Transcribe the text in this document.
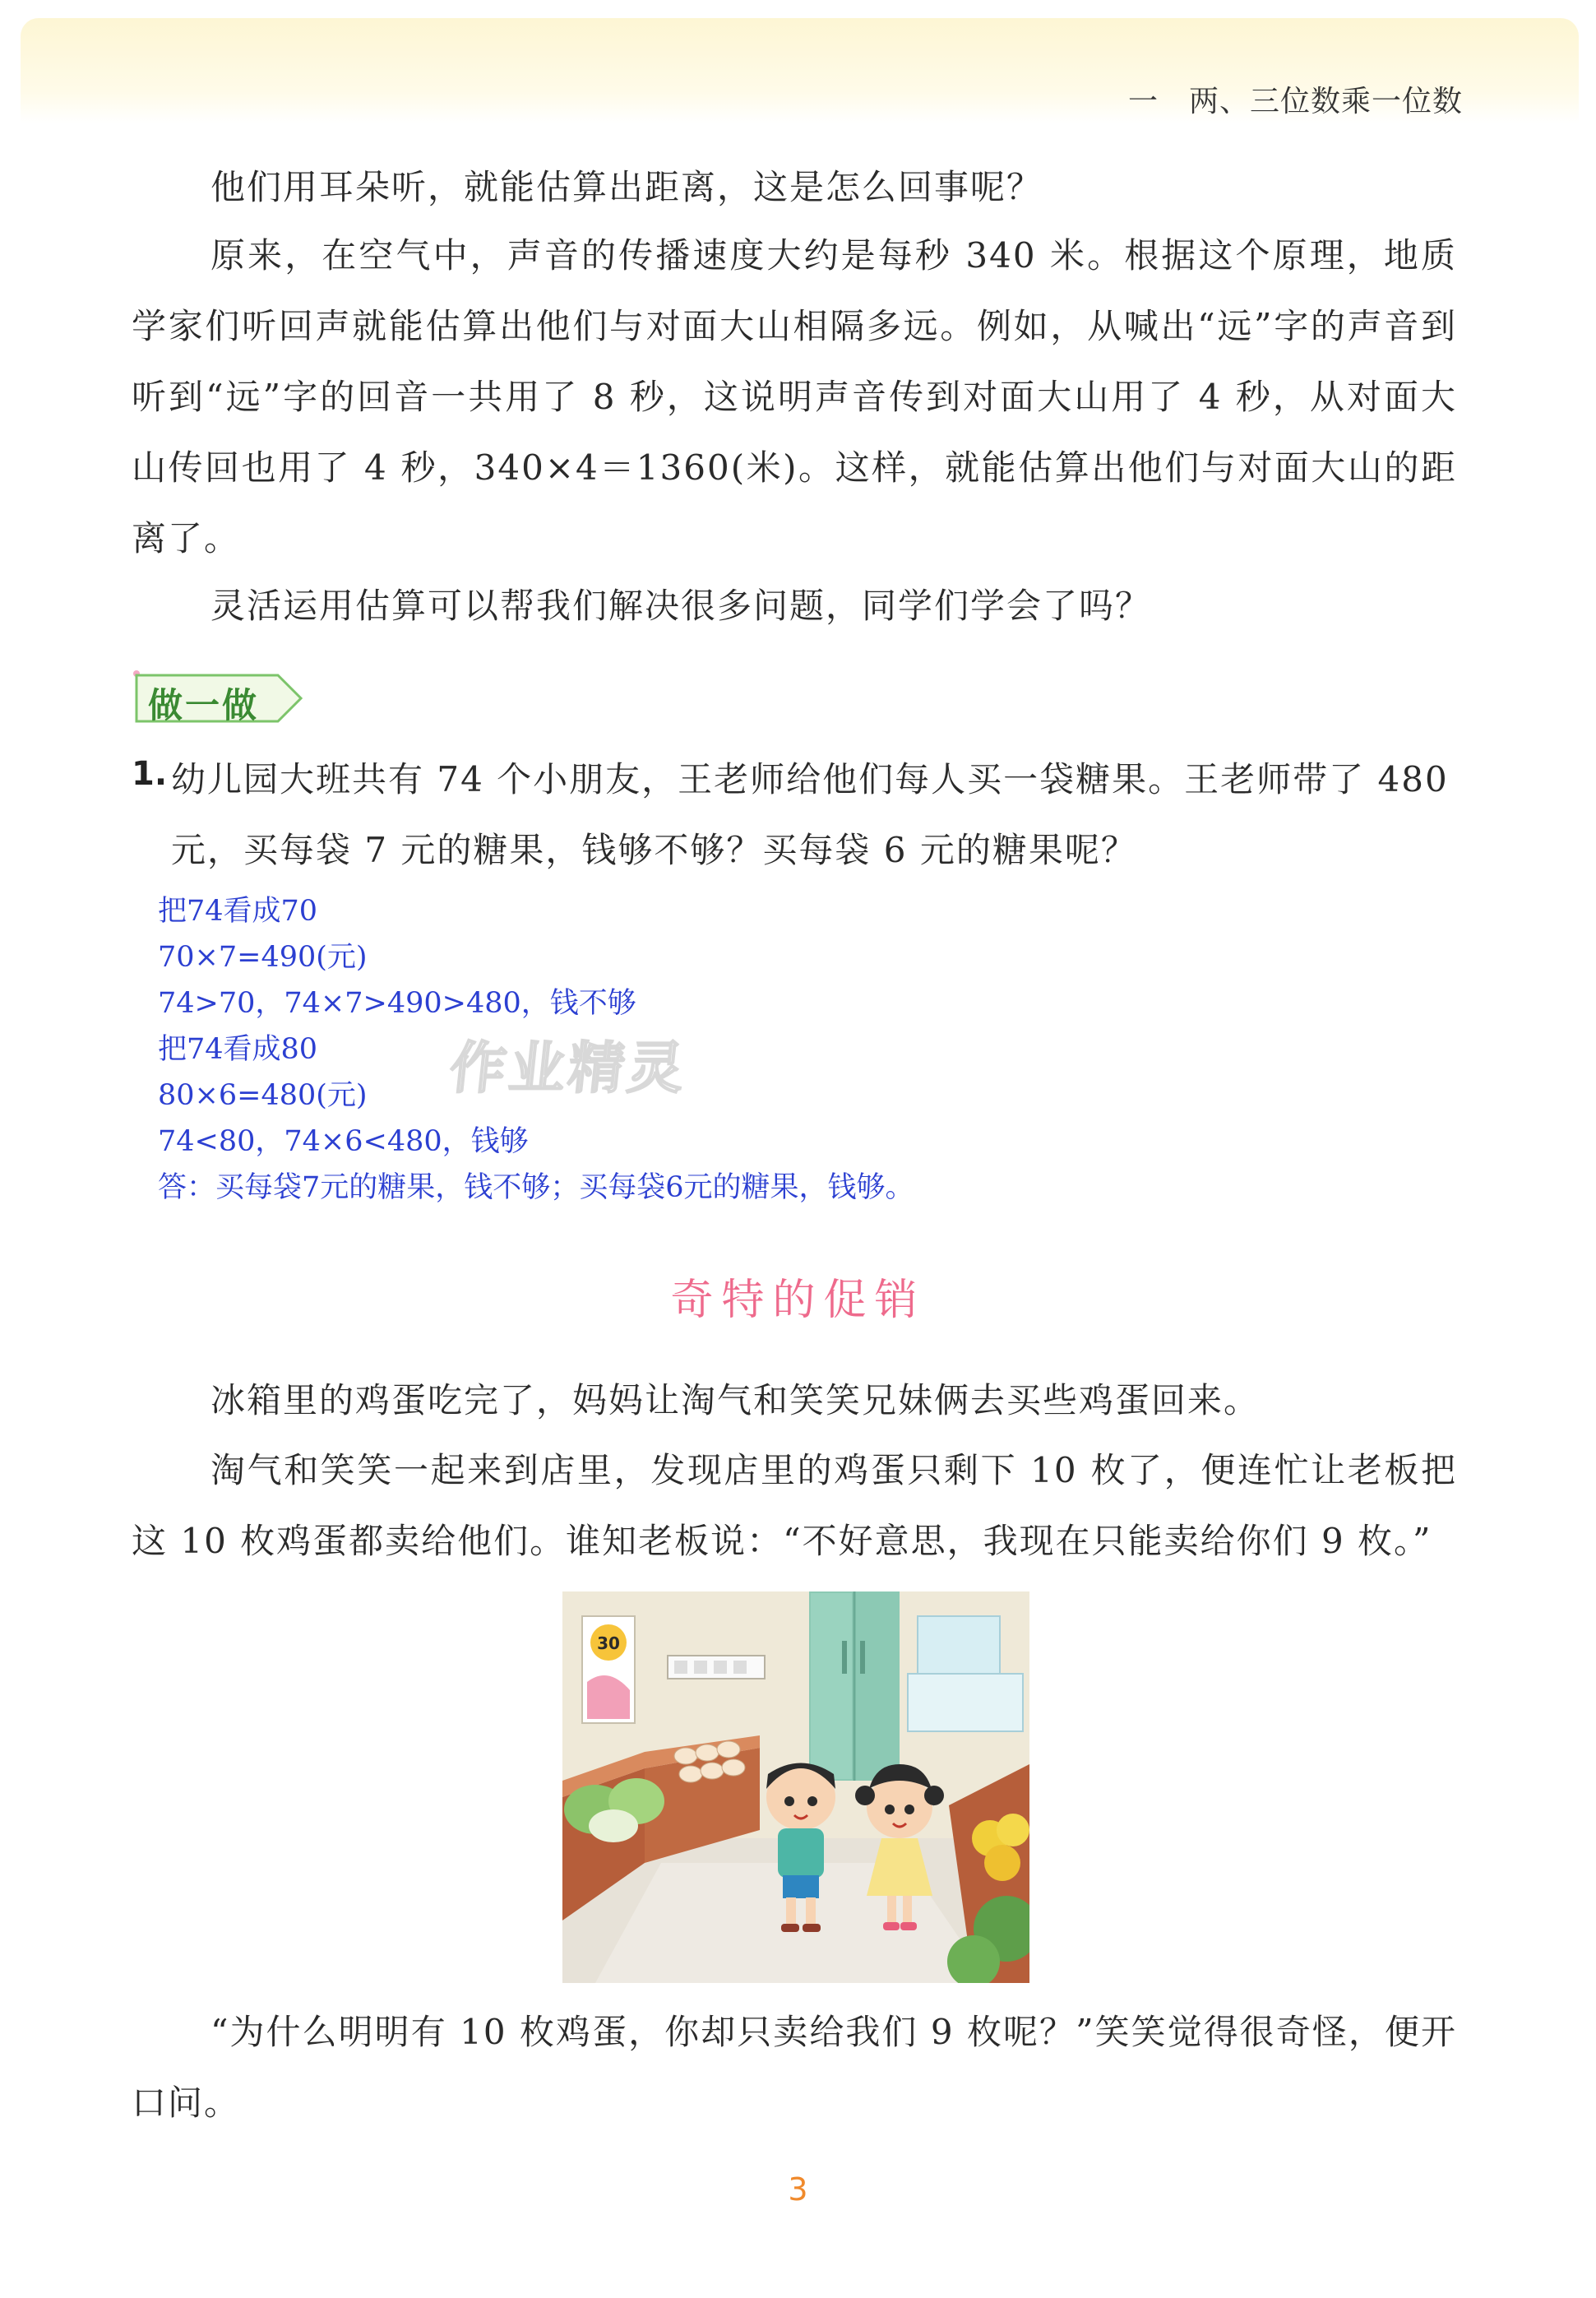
一　两、三位数乘一位数

他们用耳朵听，就能估算出距离，这是怎么回事呢？

原来，在空气中，声音的传播速度大约是每秒 340 米。根据这个原理，地质学家们听回声就能估算出他们与对面大山相隔多远。例如，从喊出“远”字的声音到听到“远”字的回音一共用了 8 秒，这说明声音传到对面大山用了 4 秒，从对面大山传回也用了 4 秒，340×4＝1360(米)。这样，就能估算出他们与对面大山的距离了。

灵活运用估算可以帮我们解决很多问题，同学们学会了吗？

做一做
1. 幼儿园大班共有 74 个小朋友，王老师给他们每人买一袋糖果。王老师带了 480 元，买每袋 7 元的糖果，钱够不够？买每袋 6 元的糖果呢？

把74看成70
70×7=490(元)
74>70，74×7>490>480，钱不够
把74看成80
80×6=480(元)
74<80，74×6<480，钱够
答：买每袋7元的糖果，钱不够；买每袋6元的糖果，钱够。
作业精灵
奇特的促销

冰箱里的鸡蛋吃完了，妈妈让淘气和笑笑兄妹俩去买些鸡蛋回来。

淘气和笑笑一起来到店里，发现店里的鸡蛋只剩下 10 枚了，便连忙让老板把这 10 枚鸡蛋都卖给他们。谁知老板说：“不好意思，我现在只能卖给你们 9 枚。”

30

“为什么明明有 10 枚鸡蛋，你却只卖给我们 9 枚呢？”笑笑觉得很奇怪，便开口问。

3
